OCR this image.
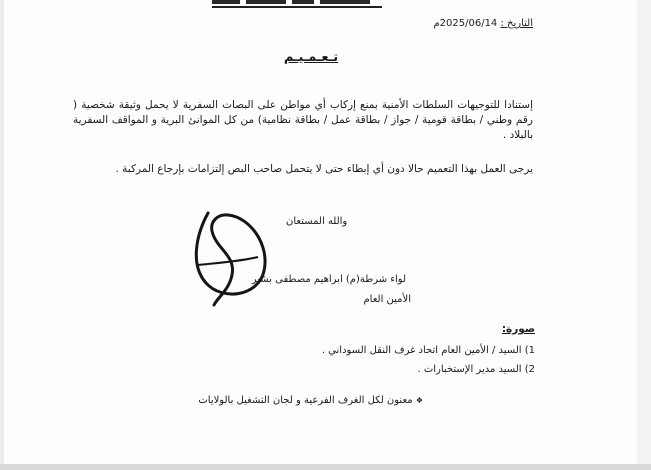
التاريخ : 2025/06/14م
تـعـمـيـم
إستنادا للتوجيهات السلطات الأمنية بمنع إركاب أي مواطن على البصات السفرية لا يحمل وثيقة شخصية ( رقم وطني / بطاقة قومية / جواز / بطاقة عمل / بطاقة نظامية) من كل الموانئ البرية و المواقف السفرية بالبلاد .
يرجى العمل بهذا التعميم حالا دون أي إبطاء حتى لا يتحمل صاحب البص إلتزامات بإرجاع المركبة .
والله المستعان
لواء شرطة(م) ابراهيم مصطفى بشير
الأمين العام
صورة:
1) السيد / الأمين العام اتحاد غرف النقل السوداني .
2) السيد مدير الإستخبارات .
❖ معنون لكل الغرف الفرعية و لجان التشغيل بالولايات
